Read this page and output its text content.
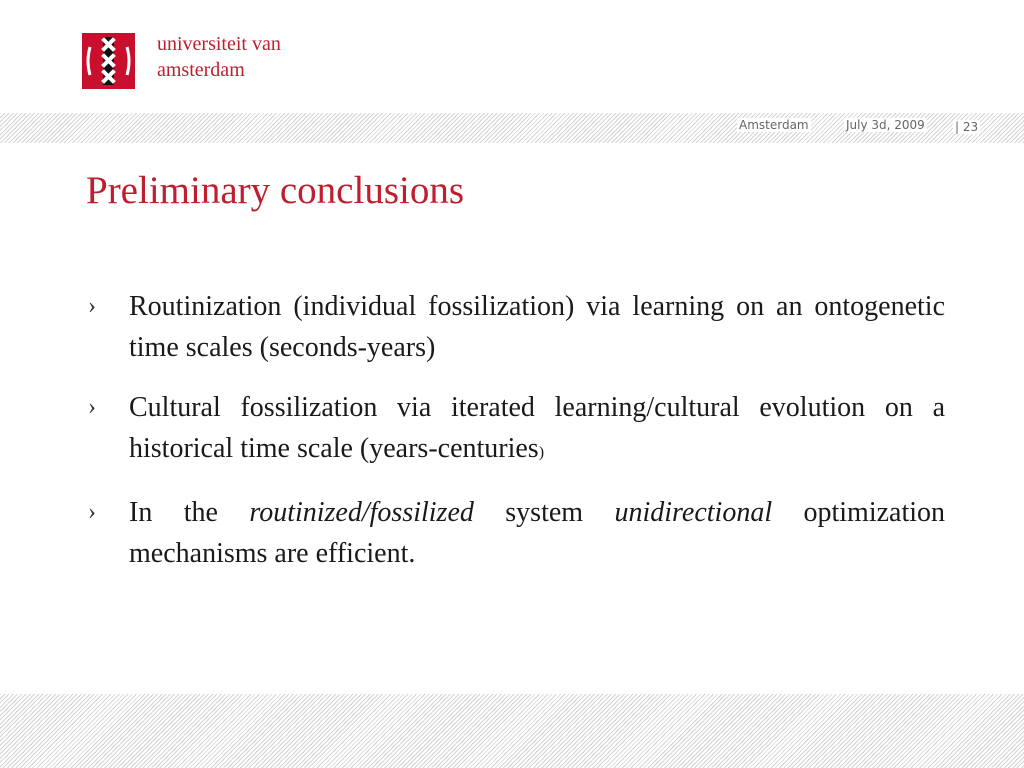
universiteit van
amsterdam
Amsterdam	July 3d, 2009	| 23
Preliminary conclusions
› Routinization (individual fossilization) via learning on an ontogenetic time scales (seconds-years)
› Cultural fossilization via iterated learning/cultural evolution on a historical time scale (years-centuries)
› In the routinized/fossilized system unidirectional optimization mechanisms are efficient.
